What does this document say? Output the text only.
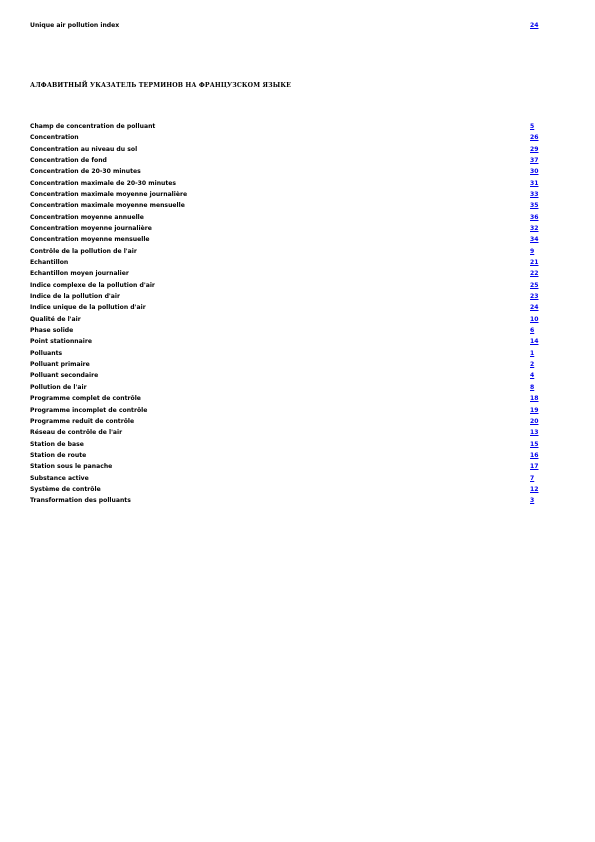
Unique air pollution index	24
АЛФАВИТНЫЙ УКАЗАТЕЛЬ ТЕРМИНОВ НА ФРАНЦУЗСКОМ ЯЗЫКЕ
Champ de concentration de polluant	5
Concentration	26
Concentration au niveau du sol	29
Concentration de fond	37
Concentration de 20-30 minutes	30
Concentration maximale de 20-30 minutes	31
Concentration maximale moyenne journalière	33
Concentration maximale moyenne mensuelle	35
Concentration moyenne annuelle	36
Concentration moyenne journalière	32
Concentration moyenne mensuelle	34
Contrôle de la pollution de l'air	9
Echantillon	21
Echantillon moyen journalier	22
Indice complexe de la pollution d'air	25
Indice de la pollution d'air	23
Indice unique de la pollution d'air	24
Qualité de l'air	10
Phase solide	6
Point stationnaire	14
Polluants	1
Polluant primaire	2
Polluant secondaire	4
Pollution de l'air	8
Programme complet de contrôle	18
Programme incomplet de contrôle	19
Programme reduit de contrôle	20
Réseau de contrôle de l'air	13
Station de base	15
Station de route	16
Station sous le panache	17
Substance active	7
Système de contrôle	12
Transformation des polluants	3
